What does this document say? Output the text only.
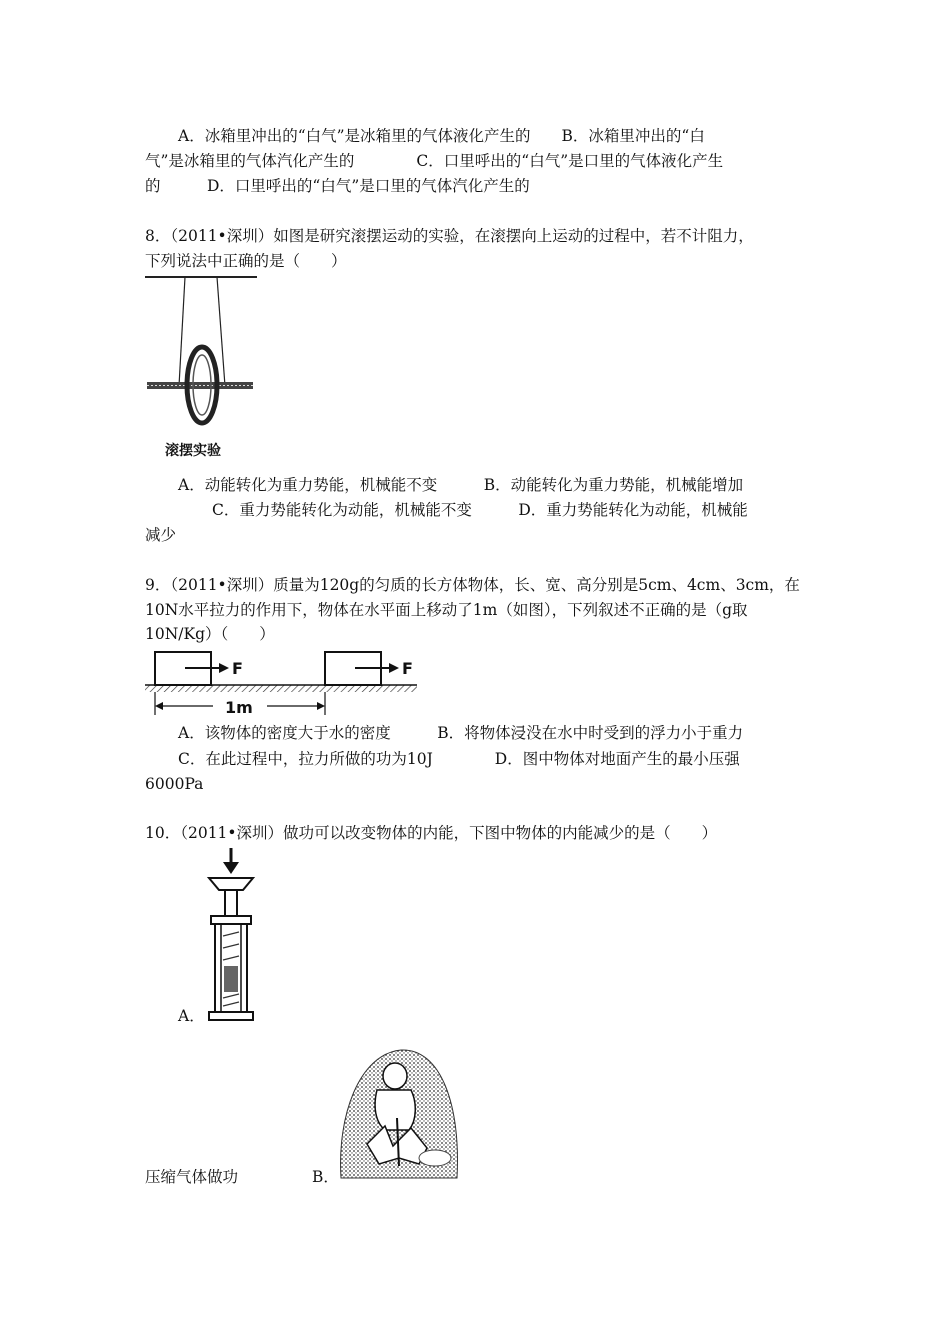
A．冰箱里冲出的“白气”是冰箱里的气体液化产生的　　B．冰箱里冲出的“白
气”是冰箱里的气体汽化产生的　　　　C．口里呼出的“白气”是口里的气体液化产生
的　　　D．口里呼出的“白气”是口里的气体汽化产生的
8．（2011•深圳）如图是研究滚摆运动的实验，在滚摆向上运动的过程中，若不计阻力，
下列说法中正确的是（　　）
滚摆实验
A．动能转化为重力势能，机械能不变　　　B．动能转化为重力势能，机械能增加
C．重力势能转化为动能，机械能不变　　　D．重力势能转化为动能，机械能
减少
9．（2011•深圳）质量为120g的匀质的长方体物体，长、宽、高分别是5cm、4cm、3cm，在
10N水平拉力的作用下，物体在水平面上移动了1m（如图），下列叙述不正确的是（g取
10N/Kg）（　　）
F	F
1m
A．该物体的密度大于水的密度　　　B．将物体浸没在水中时受到的浮力小于重力
C．在此过程中，拉力所做的功为10J　　　　D．图中物体对地面产生的最小压强
6000Pa
10．（2011•深圳）做功可以改变物体的内能，下图中物体的内能减少的是（　　）
A．
压缩气体做功	B．
